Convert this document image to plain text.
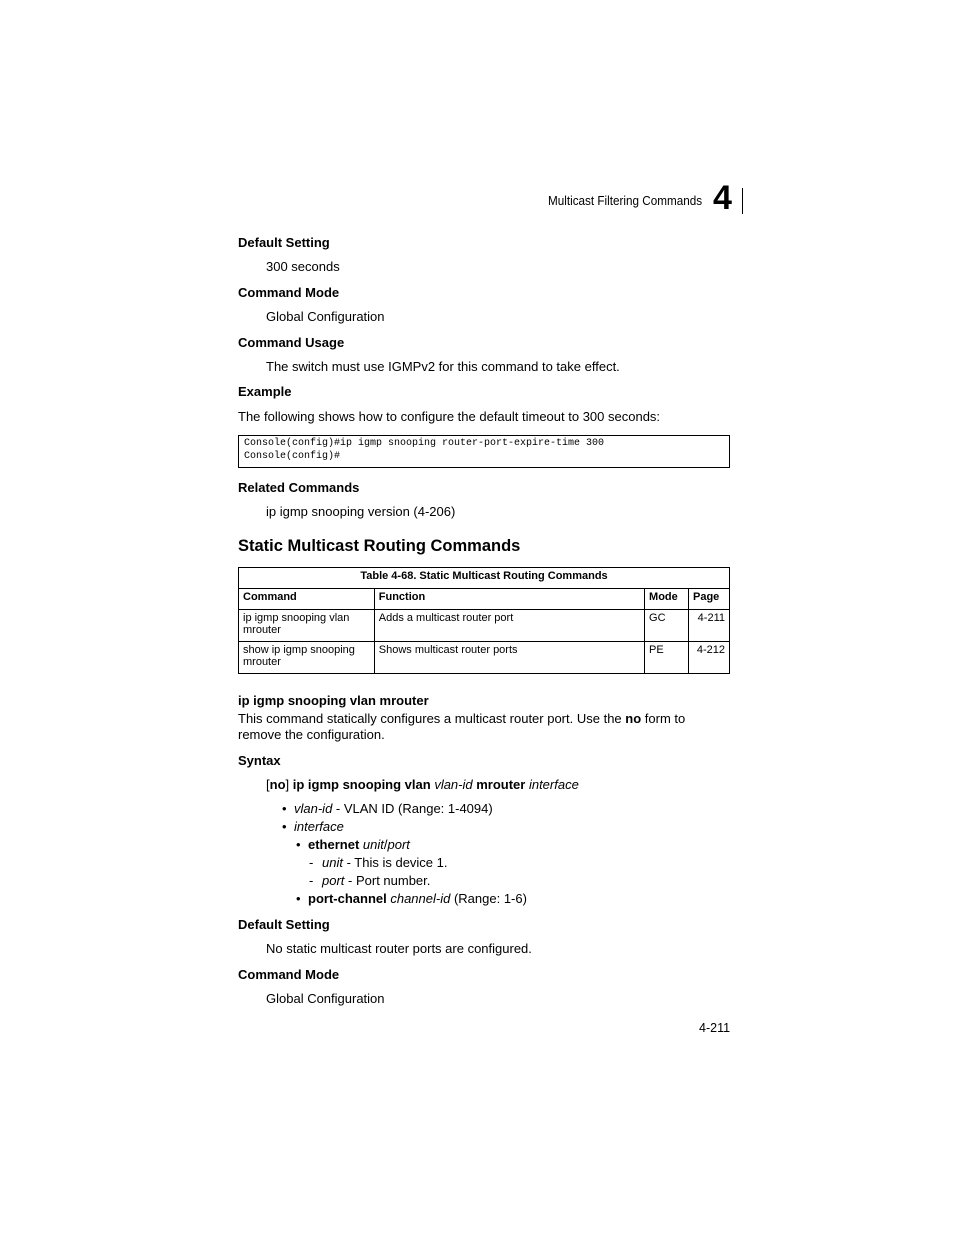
Multicast Filtering Commands 4
Default Setting
300 seconds
Command Mode
Global Configuration
Command Usage
The switch must use IGMPv2 for this command to take effect.
Example
The following shows how to configure the default timeout to 300 seconds:
Console(config)#ip igmp snooping router-port-expire-time 300
Console(config)#
Related Commands
ip igmp snooping version (4-206)
Static Multicast Routing Commands
Table 4-68. Static Multicast Routing Commands			
Command	Function	Mode	Page
ip igmp snooping vlan mrouter	Adds a multicast router port	GC	4-211
show ip igmp snooping mrouter	Shows multicast router ports	PE	4-212
ip igmp snooping vlan mrouter
This command statically configures a multicast router port. Use the no form to
remove the configuration.
Syntax
[no] ip igmp snooping vlan vlan-id mrouter interface
• vlan-id - VLAN ID (Range: 1-4094)
• interface
• ethernet unit/port
- unit - This is device 1.
- port - Port number.
• port-channel channel-id (Range: 1-6)
Default Setting
No static multicast router ports are configured.
Command Mode
Global Configuration
4-211
